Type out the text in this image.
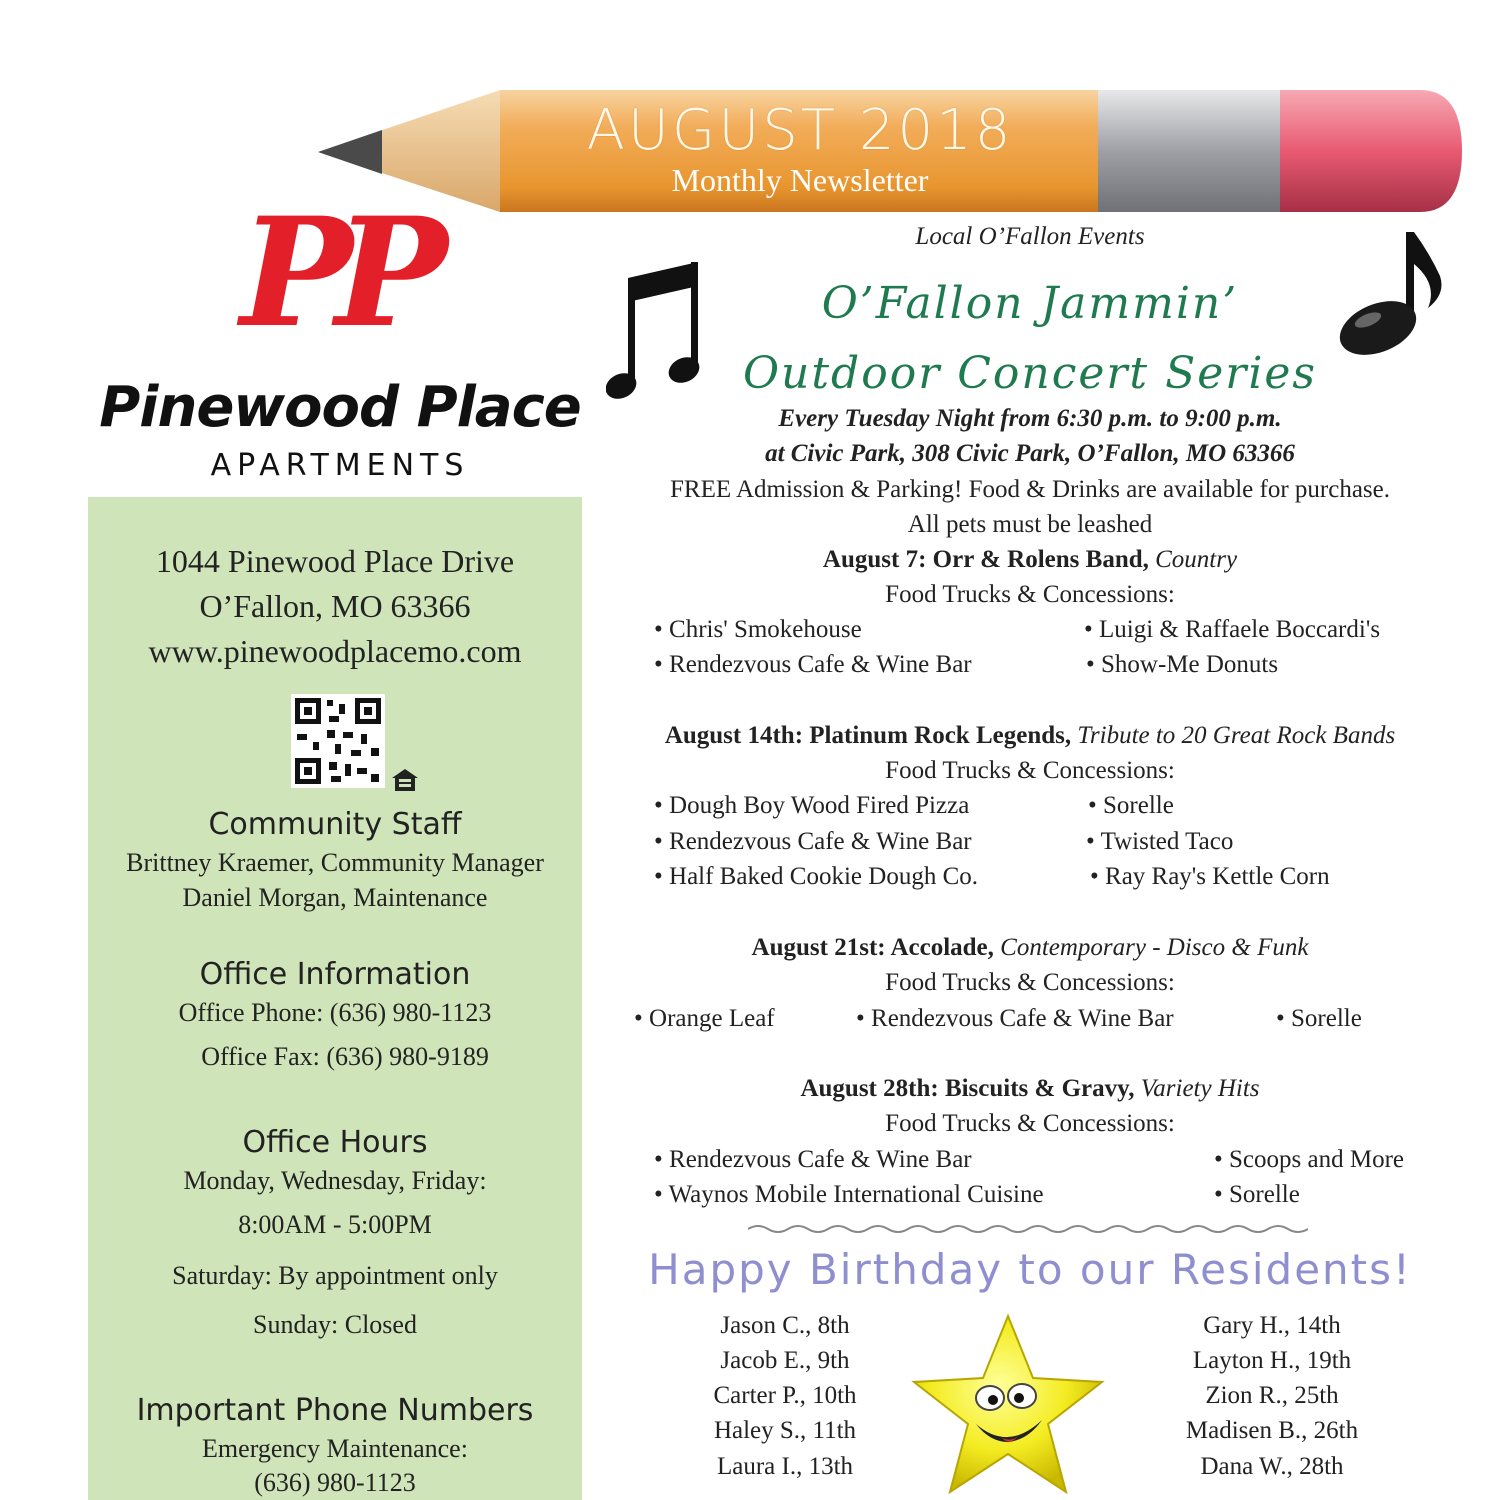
AUGUST 2018
Monthly Newsletter
PP
Pinewood Place
APARTMENTS
1044 Pinewood Place Drive
O’Fallon, MO 63366
www.pinewoodplacemo.com
Community Staff
Brittney Kraemer, Community Manager
Daniel Morgan, Maintenance
Office Information
Office Phone: (636) 980-1123
Office Fax: (636) 980-9189
Office Hours
Monday, Wednesday, Friday:
8:00AM - 5:00PM
Saturday: By appointment only
Sunday: Closed
Important Phone Numbers
Emergency Maintenance:
(636) 980-1123
Local O’Fallon Events
O’Fallon Jammin’
Outdoor Concert Series
Every Tuesday Night from 6:30 p.m. to 9:00 p.m.
at Civic Park, 308 Civic Park, O’Fallon, MO 63366
FREE Admission & Parking! Food & Drinks are available for purchase.
All pets must be leashed
August 7: Orr & Rolens Band, Country
Food Trucks & Concessions:
• Chris' Smokehouse	• Luigi & Raffaele Boccardi's
• Rendezvous Cafe & Wine Bar	• Show-Me Donuts
August 14th: Platinum Rock Legends, Tribute to 20 Great Rock Bands
Food Trucks & Concessions:
• Dough Boy Wood Fired Pizza	• Sorelle
• Rendezvous Cafe & Wine Bar	• Twisted Taco
• Half Baked Cookie Dough Co.	• Ray Ray's Kettle Corn
August 21st: Accolade, Contemporary - Disco & Funk
Food Trucks & Concessions:
• Orange Leaf	• Rendezvous Cafe & Wine Bar	• Sorelle
August 28th: Biscuits & Gravy, Variety Hits
Food Trucks & Concessions:
• Rendezvous Cafe & Wine Bar	• Scoops and More
• Waynos Mobile International Cuisine	• Sorelle
Happy Birthday to our Residents!
Jason C., 8th
Jacob E., 9th
Carter P., 10th
Haley S., 11th
Laura I., 13th
Gary H., 14th
Layton H., 19th
Zion R., 25th
Madisen B., 26th
Dana W., 28th
